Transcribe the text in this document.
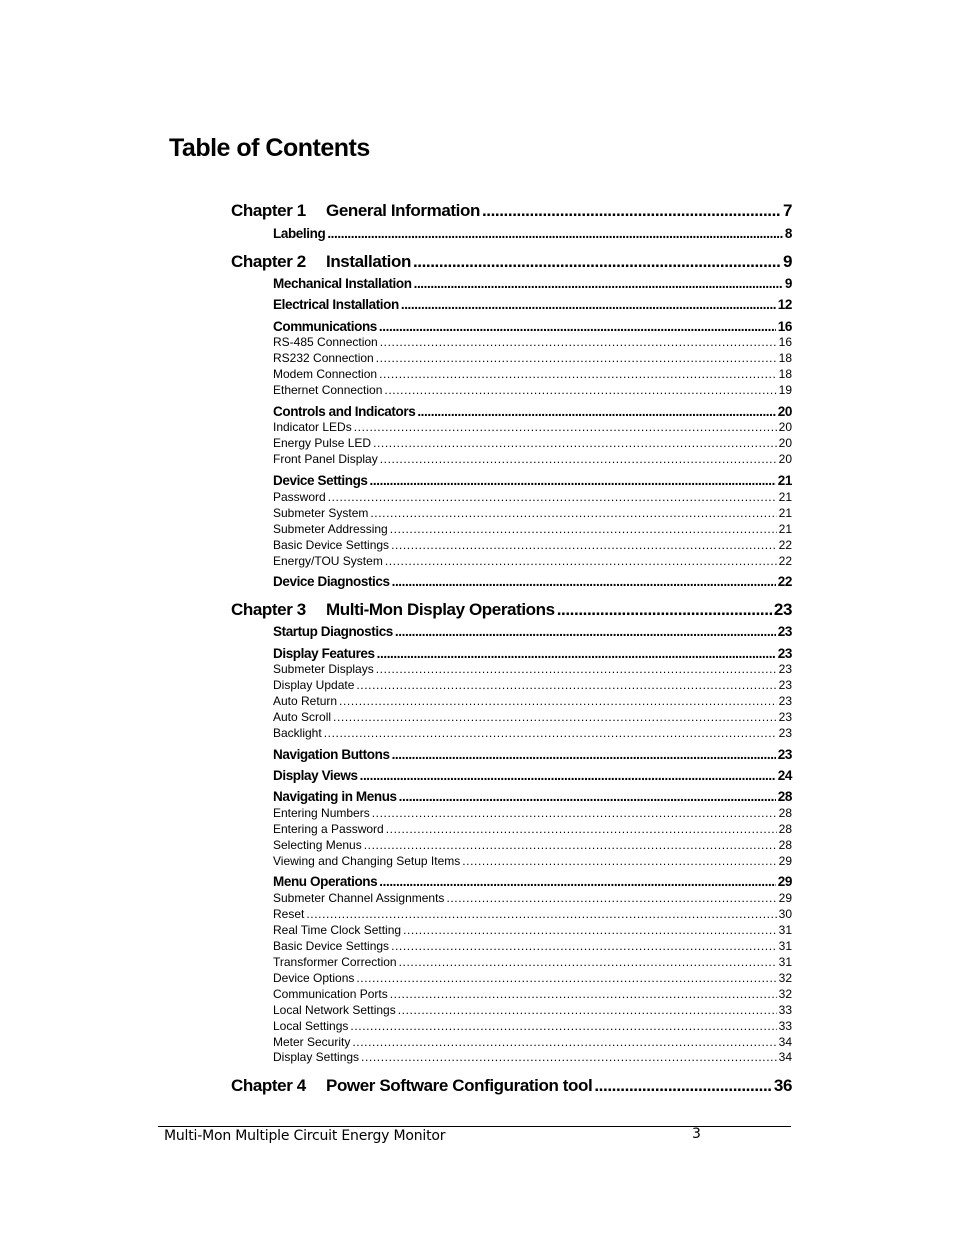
Table of Contents
Chapter 1 General Information .....	7
Labeling .....	8
Chapter 2 Installation .....	9
Mechanical Installation .....	9
Electrical Installation .....	12
Communications .....	16
RS-485 Connection .....	16
RS232 Connection .....	18
Modem Connection .....	18
Ethernet Connection .....	19
Controls and Indicators .....	20
Indicator LEDs .....	20
Energy Pulse LED .....	20
Front Panel Display .....	20
Device Settings .....	21
Password .....	21
Submeter System .....	21
Submeter Addressing .....	21
Basic Device Settings .....	22
Energy/TOU System .....	22
Device Diagnostics .....	22
Chapter 3 Multi-Mon Display Operations .....	23
Startup Diagnostics .....	23
Display Features .....	23
Submeter Displays .....	23
Display Update .....	23
Auto Return .....	23
Auto Scroll .....	23
Backlight .....	23
Navigation Buttons .....	23
Display Views .....	24
Navigating in Menus .....	28
Entering Numbers .....	28
Entering a Password .....	28
Selecting Menus .....	28
Viewing and Changing Setup Items .....	29
Menu Operations .....	29
Submeter Channel Assignments .....	29
Reset .....	30
Real Time Clock Setting .....	31
Basic Device Settings .....	31
Transformer Correction .....	31
Device Options .....	32
Communication Ports .....	32
Local Network Settings .....	33
Local Settings .....	33
Meter Security .....	34
Display Settings .....	34
Chapter 4 Power Software Configuration tool .....	36
Multi-Mon Multiple Circuit Energy Monitor	3
